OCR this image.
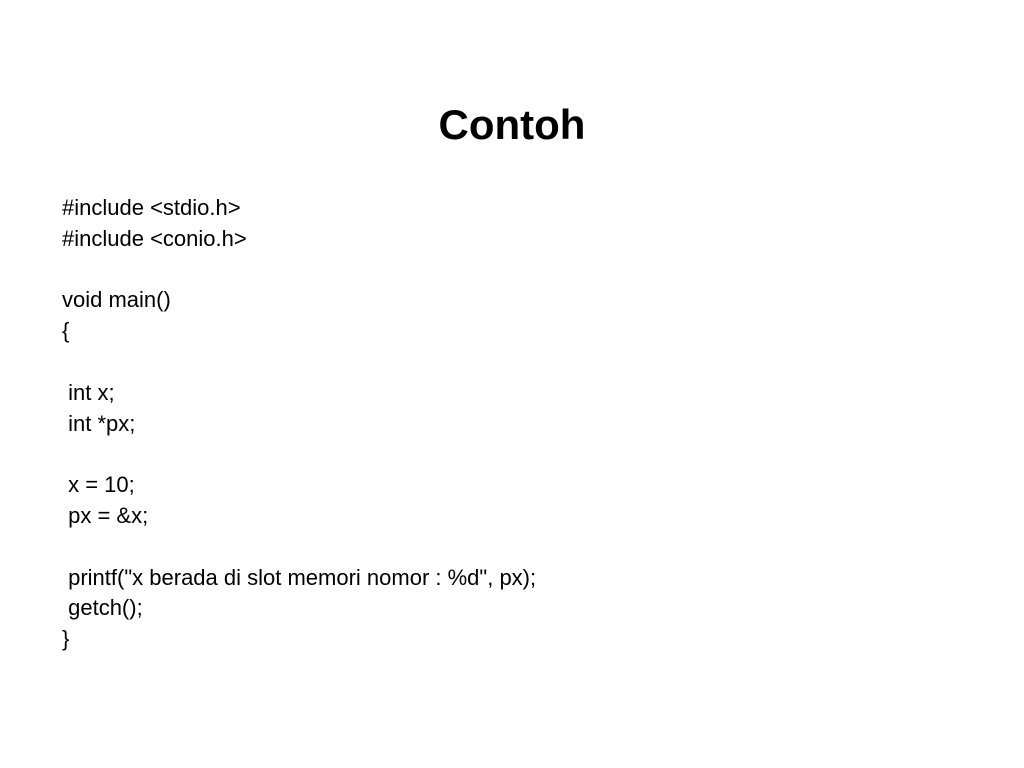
Contoh
#include <stdio.h>
#include <conio.h>
void main()
{
int x;
int *px;
x = 10;
px = &x;
printf("x berada di slot memori nomor : %d", px);
getch();
}
